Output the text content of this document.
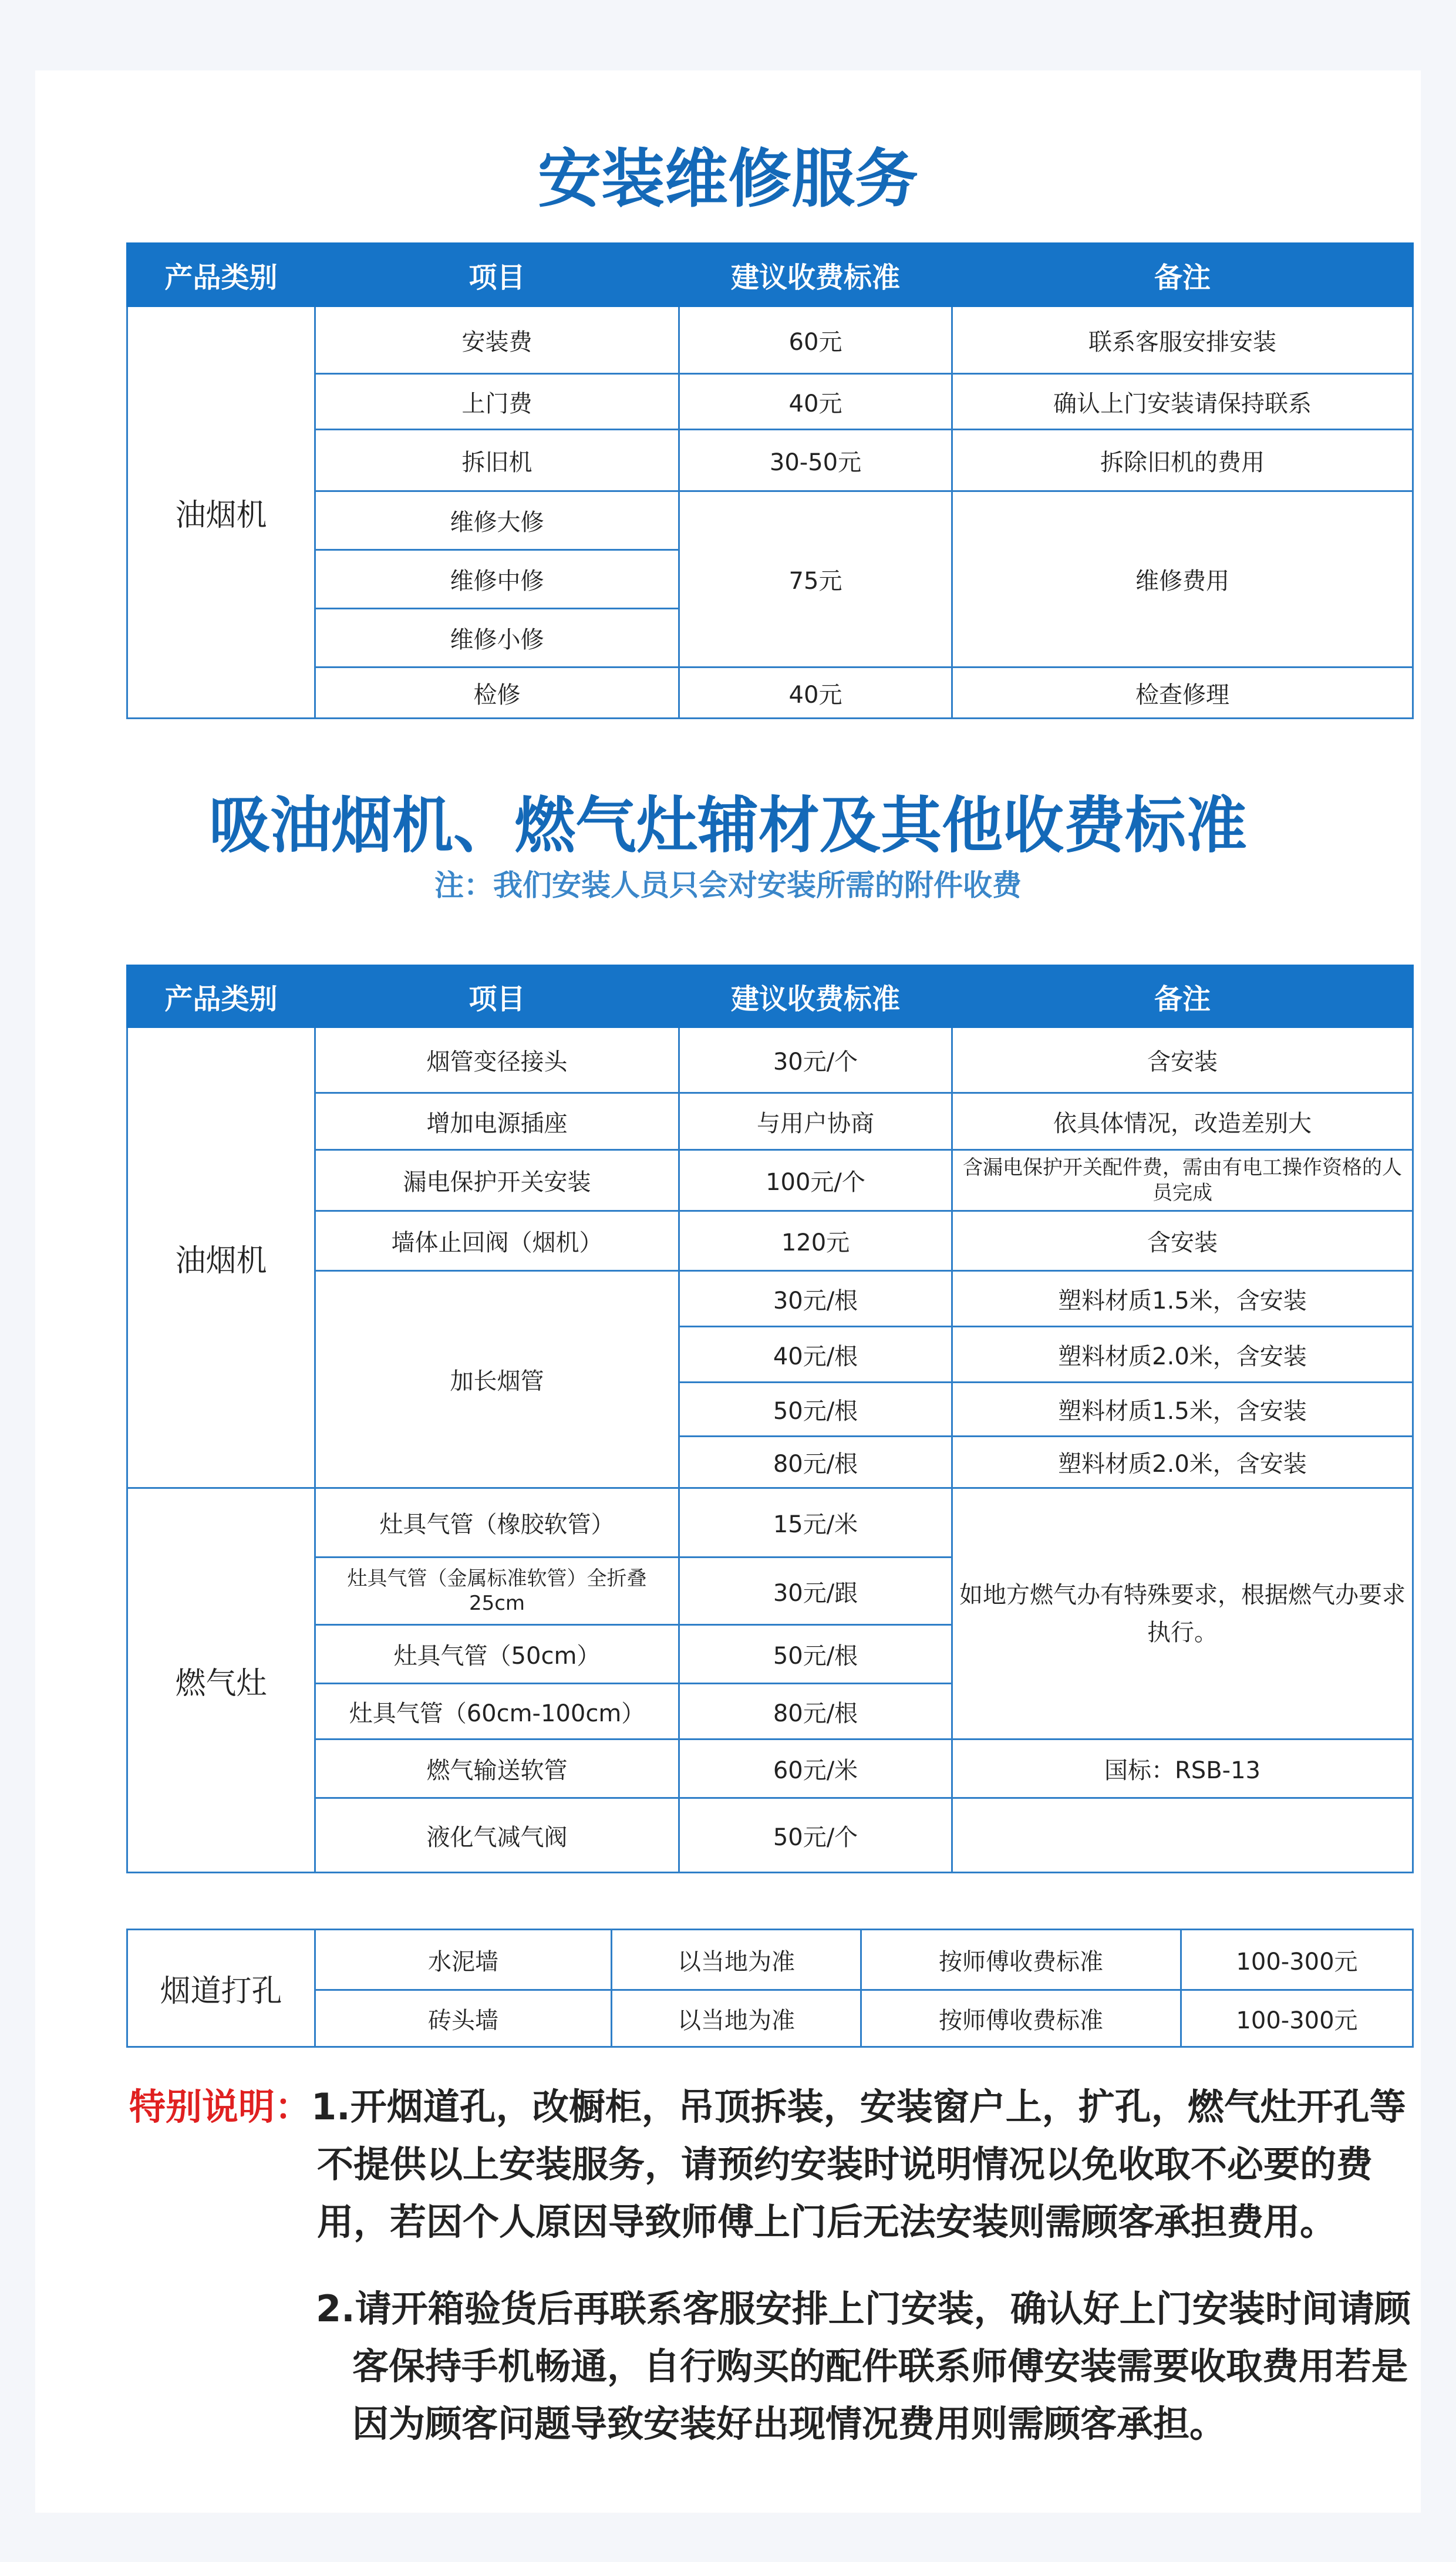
安装维修服务
产品类别	项目	建议收费标准	备注
油烟机	安装费	60元	联系客服安排安装
	上门费	40元	确认上门安装请保持联系
	拆旧机	30-50元	拆除旧机的费用
	维修大修	75元	维修费用
	维修中修		
	维修小修		
	检修	40元	检查修理
吸油烟机、燃气灶辅材及其他收费标准
注：我们安装人员只会对安装所需的附件收费
产品类别	项目	建议收费标准	备注
油烟机	烟管变径接头	30元/个	含安装
	增加电源插座	与用户协商	依具体情况，改造差别大
	漏电保护开关安装	100元/个	含漏电保护开关配件费，需由有电工操作资格的人员完成
	墙体止回阀（烟机）	120元	含安装
	加长烟管	30元/根	塑料材质1.5米，含安装
		40元/根	塑料材质2.0米，含安装
		50元/根	塑料材质1.5米，含安装
		80元/根	塑料材质2.0米，含安装
燃气灶	灶具气管（橡胶软管）	15元/米	如地方燃气办有特殊要求，根据燃气办要求执行。
	灶具气管（金属标准软管）全折叠25cm	30元/跟	
	灶具气管（50cm）	50元/根	
	灶具气管（60cm-100cm）	80元/根	
	燃气输送软管	60元/米	国标：RSB-13
	液化气减气阀	50元/个	
烟道打孔	水泥墙	以当地为准	按师傅收费标准	100-300元
	砖头墙	以当地为准	按师傅收费标准	100-300元

特别说明：1.开烟道孔，改橱柜，吊顶拆装，安装窗户上，扩孔，燃气灶开孔等

不提供以上安装服务，请预约安装时说明情况以免收取不必要的费

用，若因个人原因导致师傅上门后无法安装则需顾客承担费用。

2.请开箱验货后再联系客服安排上门安装，确认好上门安装时间请顾

客保持手机畅通，自行购买的配件联系师傅安装需要收取费用若是

因为顾客问题导致安装好出现情况费用则需顾客承担。
